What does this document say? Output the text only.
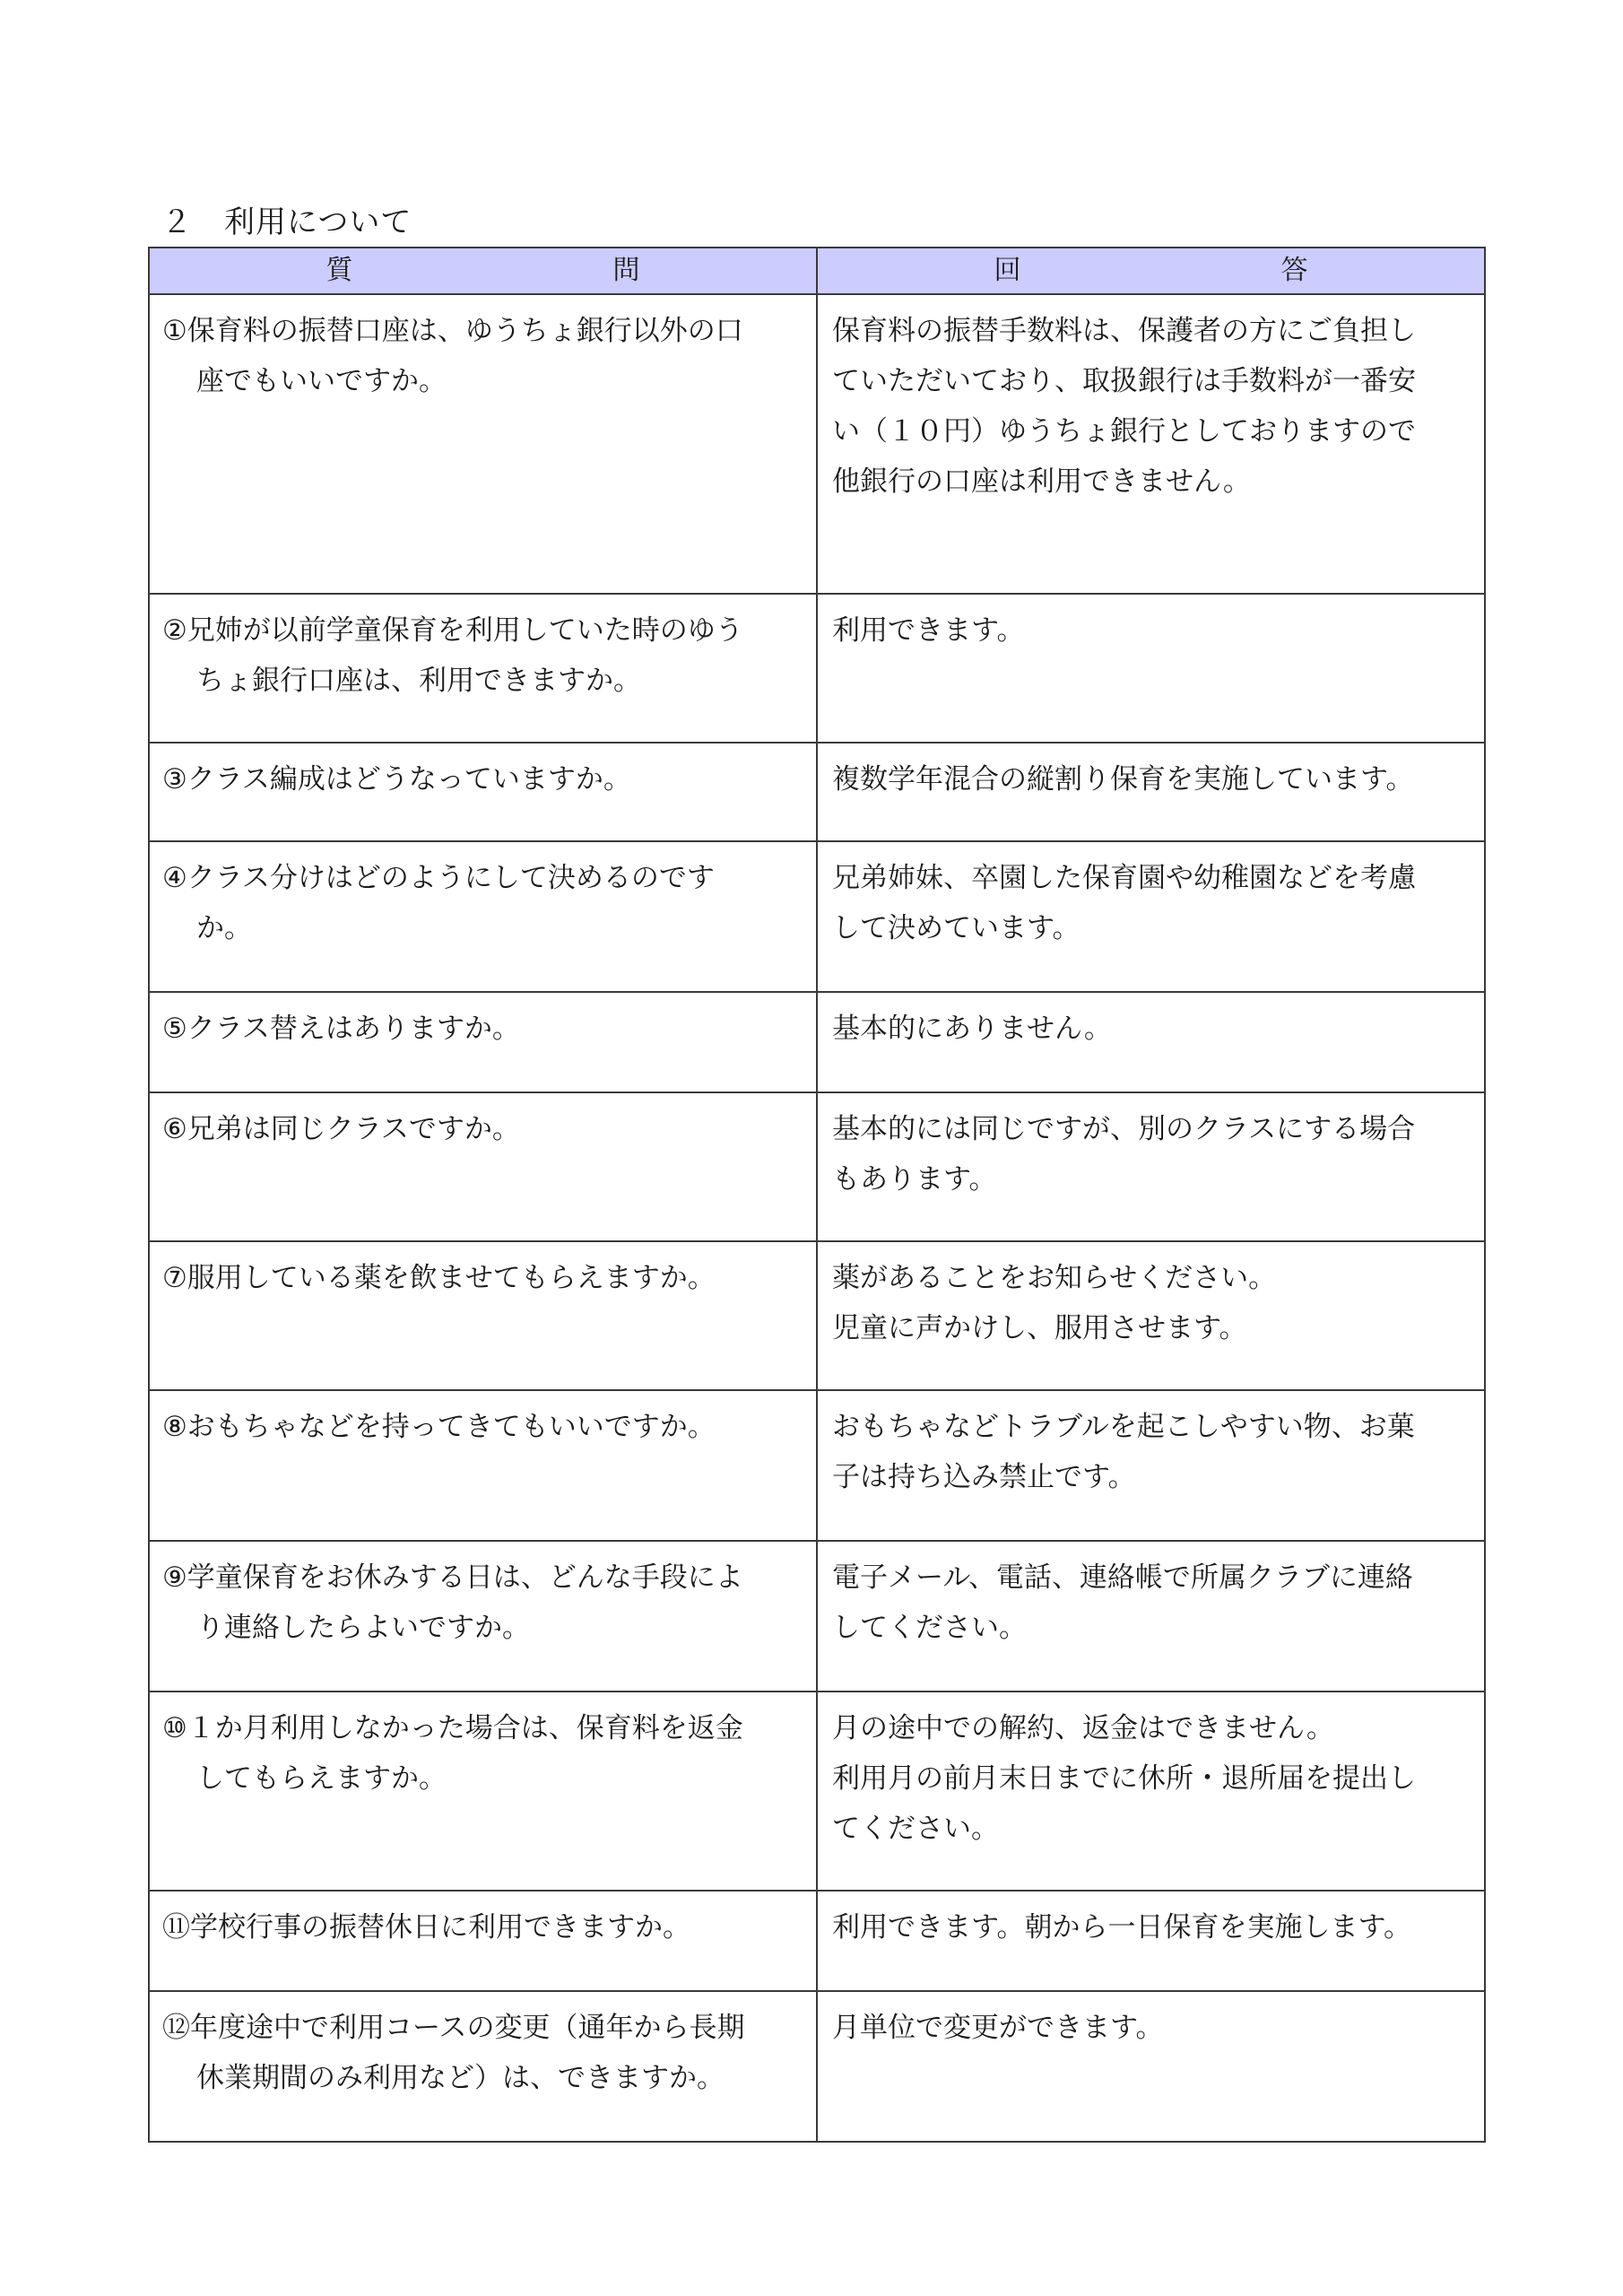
２　利用について
質　問	回　答

①保育料の振替口座は、ゆうちょ銀行以外の口
座でもいいですか。	保育料の振替手数料は、保護者の方にご負担し
ていただいており、取扱銀行は手数料が一番安
い（１０円）ゆうちょ銀行としておりますので
他銀行の口座は利用できません。

②兄姉が以前学童保育を利用していた時のゆう
ちょ銀行口座は、利用できますか。	利用できます。

③クラス編成はどうなっていますか。	複数学年混合の縦割り保育を実施しています。

④クラス分けはどのようにして決めるのです
か。	兄弟姉妹、卒園した保育園や幼稚園などを考慮
して決めています。

⑤クラス替えはありますか。	基本的にありません。

⑥兄弟は同じクラスですか。	基本的には同じですが、別のクラスにする場合
もあります。

⑦服用している薬を飲ませてもらえますか。	薬があることをお知らせください。
児童に声かけし、服用させます。

⑧おもちゃなどを持ってきてもいいですか。	おもちゃなどトラブルを起こしやすい物、お菓
子は持ち込み禁止です。

⑨学童保育をお休みする日は、どんな手段によ
り連絡したらよいですか。	電子メール、電話、連絡帳で所属クラブに連絡
してください。

⑩１か月利用しなかった場合は、保育料を返金
してもらえますか。	月の途中での解約、返金はできません。
利用月の前月末日までに休所・退所届を提出し
てください。

⑪学校行事の振替休日に利用できますか。	利用できます。朝から一日保育を実施します。

⑫年度途中で利用コースの変更（通年から長期
休業期間のみ利用など）は、できますか。	月単位で変更ができます。
